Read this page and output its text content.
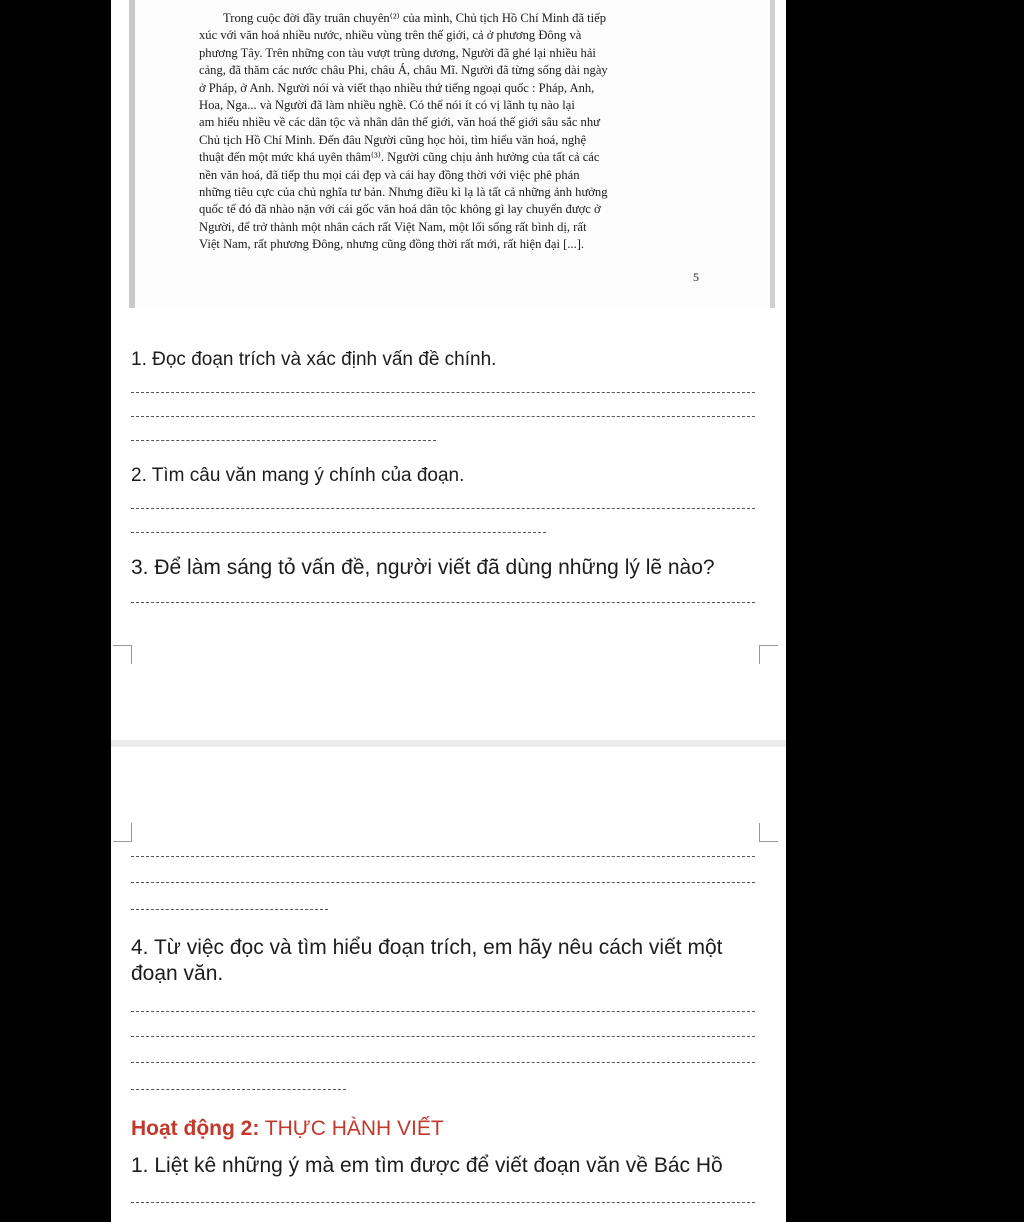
Trong cuộc đời đầy truân chuyên⁽²⁾ của mình, Chủ tịch Hồ Chí Minh đã tiếp
xúc với văn hoá nhiều nước, nhiều vùng trên thế giới, cả ở phương Đông và
phương Tây. Trên những con tàu vượt trùng dương, Người đã ghé lại nhiều hải
cảng, đã thăm các nước châu Phi, châu Á, châu Mĩ. Người đã từng sống dài ngày
ở Pháp, ở Anh. Người nói và viết thạo nhiều thứ tiếng ngoại quốc : Pháp, Anh,
Hoa, Nga... và Người đã làm nhiều nghề. Có thể nói ít có vị lãnh tụ nào lại
am hiểu nhiều về các dân tộc và nhân dân thế giới, văn hoá thế giới sâu sắc như
Chủ tịch Hồ Chí Minh. Đến đâu Người cũng học hỏi, tìm hiểu văn hoá, nghệ
thuật đến một mức khá uyên thâm⁽³⁾. Người cũng chịu ảnh hưởng của tất cả các
nền văn hoá, đã tiếp thu mọi cái đẹp và cái hay đồng thời với việc phê phán
những tiêu cực của chủ nghĩa tư bản. Nhưng điều kì lạ là tất cả những ảnh hưởng
quốc tế đó đã nhào nặn với cái gốc văn hoá dân tộc không gì lay chuyển được ở
Người, để trở thành một nhân cách rất Việt Nam, một lối sống rất bình dị, rất
Việt Nam, rất phương Đông, nhưng cũng đồng thời rất mới, rất hiện đại [...].
5
1. Đọc đoạn trích và xác định vấn đề chính.
2. Tìm câu văn mang ý chính của đoạn.
3. Để làm sáng tỏ vấn đề, người viết đã dùng những lý lẽ nào?
4. Từ việc đọc và tìm hiểu đoạn trích, em hãy nêu cách viết một
đoạn văn.
Hoạt động 2: THỰC HÀNH VIẾT
1. Liệt kê những ý mà em tìm được để viết đoạn văn về Bác Hồ
